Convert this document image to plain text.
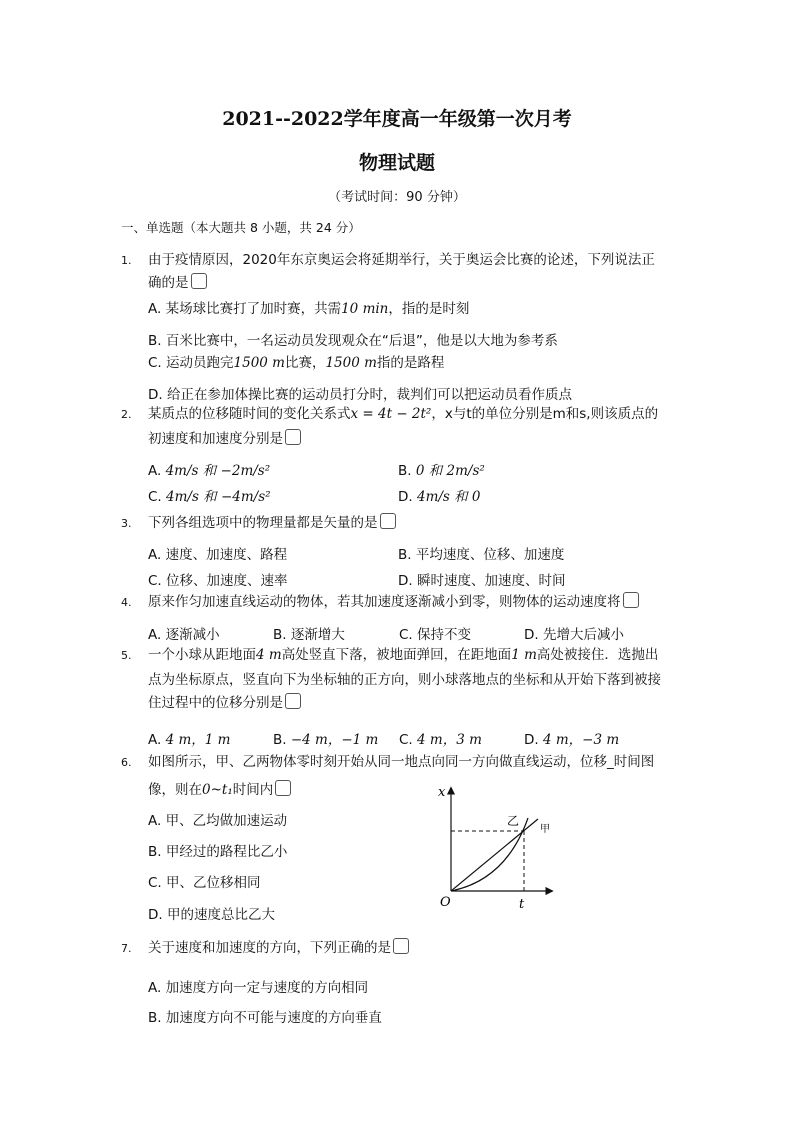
2021--2022学年度高一年级第一次月考
物理试题
（考试时间：90 分钟）
一、单选题（本大题共 8 小题，共 24 分）
1. 由于疫情原因，2020年东京奥运会将延期举行，关于奥运会比赛的论述，下列说法正
确的是
A. 某场球比赛打了加时赛，共需10 min，指的是时刻
B. 百米比赛中，一名运动员发现观众在“后退”，他是以大地为参考系
C. 运动员跑完1500 m比赛，1500 m指的是路程
D. 给正在参加体操比赛的运动员打分时，裁判们可以把运动员看作质点
2. 某质点的位移随时间的变化关系式x = 4t − 2t²，x与t的单位分别是m和s,则该质点的
初速度和加速度分别是
A. 4m/s 和 −2m/s²	B. 0 和 2m/s²
C. 4m/s 和 −4m/s²	D. 4m/s 和 0
3. 下列各组选项中的物理量都是矢量的是
A. 速度、加速度、路程	B. 平均速度、位移、加速度
C. 位移、加速度、速率	D. 瞬时速度、加速度、时间
4. 原来作匀加速直线运动的物体，若其加速度逐渐减小到零，则物体的运动速度将
A. 逐渐减小	B. 逐渐增大	C. 保持不变	D. 先增大后减小
5. 一个小球从距地面4 m高处竖直下落，被地面弹回，在距地面1 m高处被接住．选抛出
点为坐标原点，竖直向下为坐标轴的正方向，则小球落地点的坐标和从开始下落到被接
住过程中的位移分别是
A. 4 m，1 m	B. −4 m，−1 m C. 4 m，3 m	D. 4 m，−3 m
6. 如图所示，甲、乙两物体零时刻开始从同一地点向同一方向做直线运动，位移_时间图
像，则在0~t₁时间内
A. 甲、乙均做加速运动
B. 甲经过的路程比乙小
C. 甲、乙位移相同
D. 甲的速度总比乙大
x
t
O
乙
甲
7. 关于速度和加速度的方向，下列正确的是
A. 加速度方向一定与速度的方向相同
B. 加速度方向不可能与速度的方向垂直
